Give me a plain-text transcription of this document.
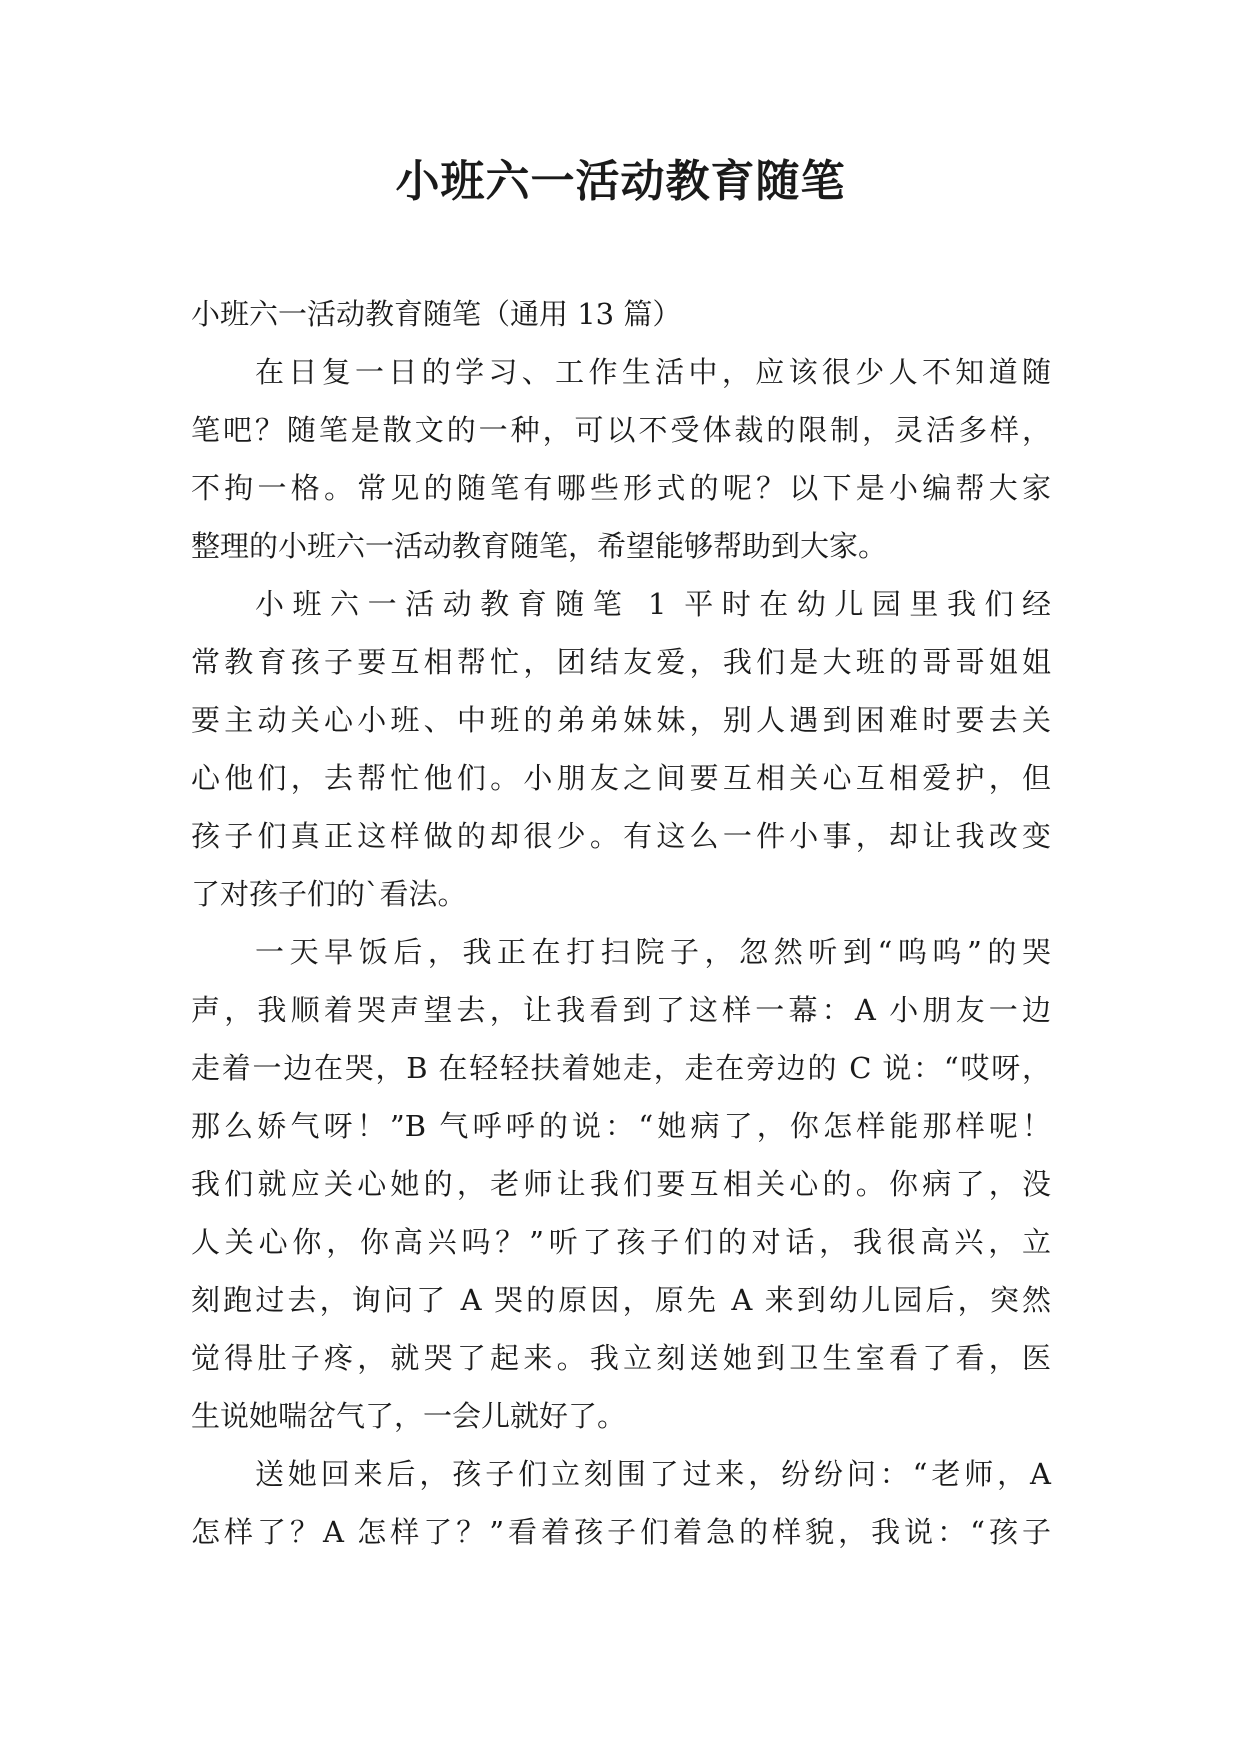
小班六一活动教育随笔
小班六一活动教育随笔（通用 13 篇）
在日复一日的学习、工作生活中，应该很少人不知道随
笔吧？随笔是散文的一种，可以不受体裁的限制，灵活多样，
不拘一格。常见的随笔有哪些形式的呢？以下是小编帮大家
整理的小班六一活动教育随笔，希望能够帮助到大家。
小班六一活动教育随笔 1 平时在幼儿园里我们经
常教育孩子要互相帮忙，团结友爱，我们是大班的哥哥姐姐
要主动关心小班、中班的弟弟妹妹，别人遇到困难时要去关
心他们，去帮忙他们。小朋友之间要互相关心互相爱护，但
孩子们真正这样做的却很少。有这么一件小事，却让我改变
了对孩子们的`看法。
一天早饭后，我正在打扫院子，忽然听到“呜呜”的哭
声，我顺着哭声望去，让我看到了这样一幕：A 小朋友一边
走着一边在哭，B 在轻轻扶着她走，走在旁边的 C 说：“哎呀，
那么娇气呀！”B 气呼呼的说：“她病了，你怎样能那样呢！
我们就应关心她的，老师让我们要互相关心的。你病了，没
人关心你，你高兴吗？”听了孩子们的对话，我很高兴，立
刻跑过去，询问了 A 哭的原因，原先 A 来到幼儿园后，突然
觉得肚子疼，就哭了起来。我立刻送她到卫生室看了看，医
生说她喘岔气了，一会儿就好了。
送她回来后，孩子们立刻围了过来，纷纷问：“老师，A
怎样了？A 怎样了？”看着孩子们着急的样貌，我说：“孩子
